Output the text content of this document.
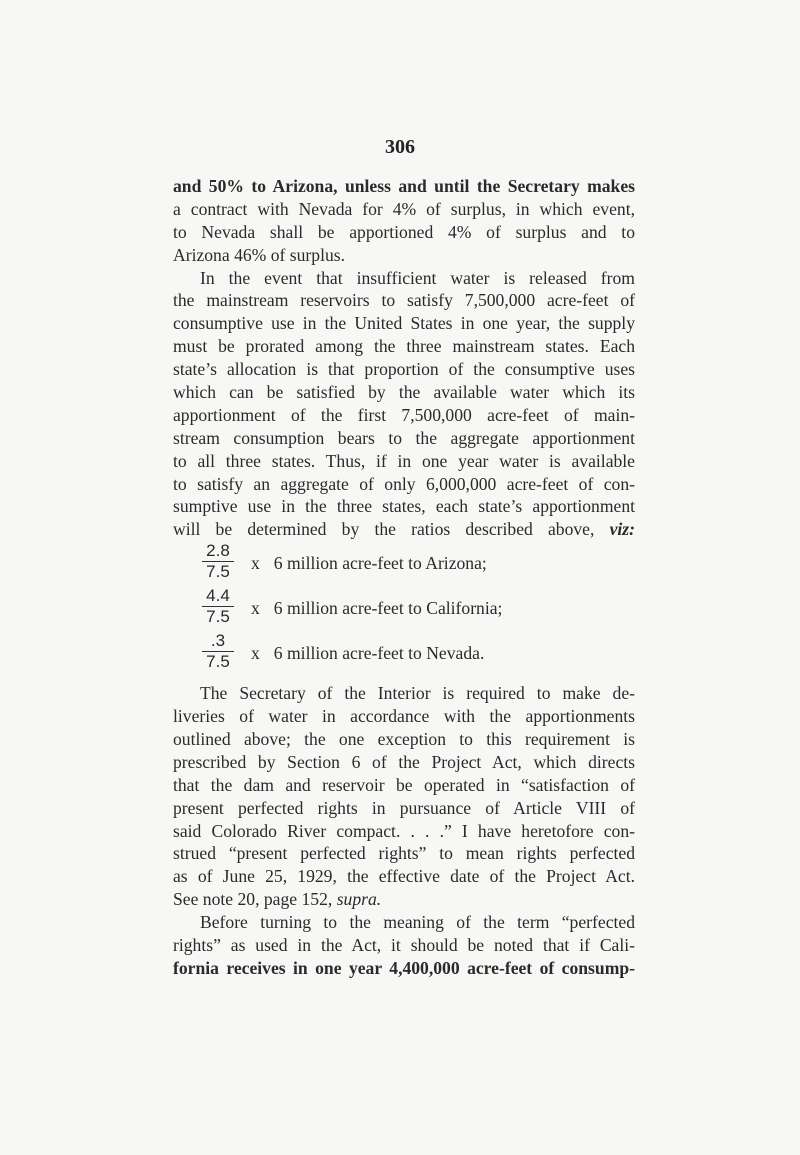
306
and 50% to Arizona, unless and until the Secretary makes
a contract with Nevada for 4% of surplus, in which event,
to Nevada shall be apportioned 4% of surplus and to
Arizona 46% of surplus.
In the event that insufficient water is released from
the mainstream reservoirs to satisfy 7,500,000 acre-feet of
consumptive use in the United States in one year, the supply
must be prorated among the three mainstream states. Each
state’s allocation is that proportion of the consumptive uses
which can be satisfied by the available water which its
apportionment of the first 7,500,000 acre-feet of main-
stream consumption bears to the aggregate apportionment
to all three states. Thus, if in one year water is available
to satisfy an aggregate of only 6,000,000 acre-feet of con-
sumptive use in the three states, each state’s apportionment
will be determined by the ratios described above, viz:
2.8
7.5 x 6 million acre-feet to Arizona;
4.4
7.5 x 6 million acre-feet to California;
.3
7.5 x 6 million acre-feet to Nevada.
The Secretary of the Interior is required to make de-
liveries of water in accordance with the apportionments
outlined above; the one exception to this requirement is
prescribed by Section 6 of the Project Act, which directs
that the dam and reservoir be operated in “satisfaction of
present perfected rights in pursuance of Article VIII of
said Colorado River compact. . . .” I have heretofore con-
strued “present perfected rights” to mean rights perfected
as of June 25, 1929, the effective date of the Project Act.
See note 20, page 152, supra.
Before turning to the meaning of the term “perfected
rights” as used in the Act, it should be noted that if Cali-
fornia receives in one year 4,400,000 acre-feet of consump-
